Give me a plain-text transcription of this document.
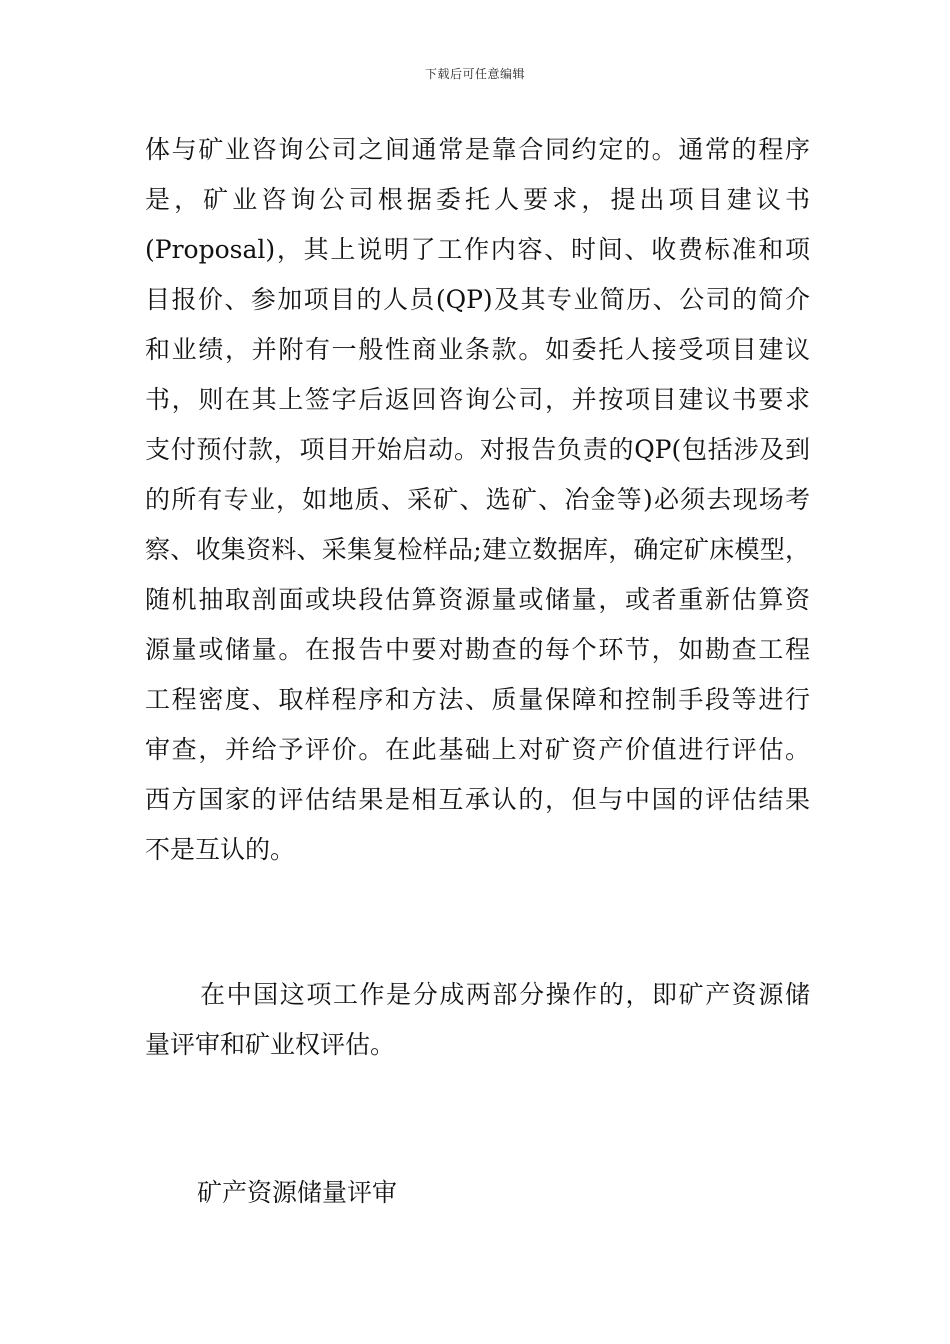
下载后可任意编辑
体与矿业咨询公司之间通常是靠合同约定的。通常的程序
是，矿业咨询公司根据委托人要求，提出项目建议书
(Proposal)，其上说明了工作内容、时间、收费标准和项
目报价、参加项目的人员(QP)及其专业简历、公司的简介
和业绩，并附有一般性商业条款。如委托人接受项目建议
书，则在其上签字后返回咨询公司，并按项目建议书要求
支付预付款，项目开始启动。对报告负责的QP(包括涉及到
的所有专业，如地质、采矿、选矿、冶金等)必须去现场考
察、收集资料、采集复检样品;建立数据库，确定矿床模型，
随机抽取剖面或块段估算资源量或储量，或者重新估算资
源量或储量。在报告中要对勘查的每个环节，如勘查工程
工程密度、取样程序和方法、质量保障和控制手段等进行
审查，并给予评价。在此基础上对矿资产价值进行评估。
西方国家的评估结果是相互承认的，但与中国的评估结果
不是互认的。
在中国这项工作是分成两部分操作的，即矿产资源储
量评审和矿业权评估。
矿产资源储量评审
